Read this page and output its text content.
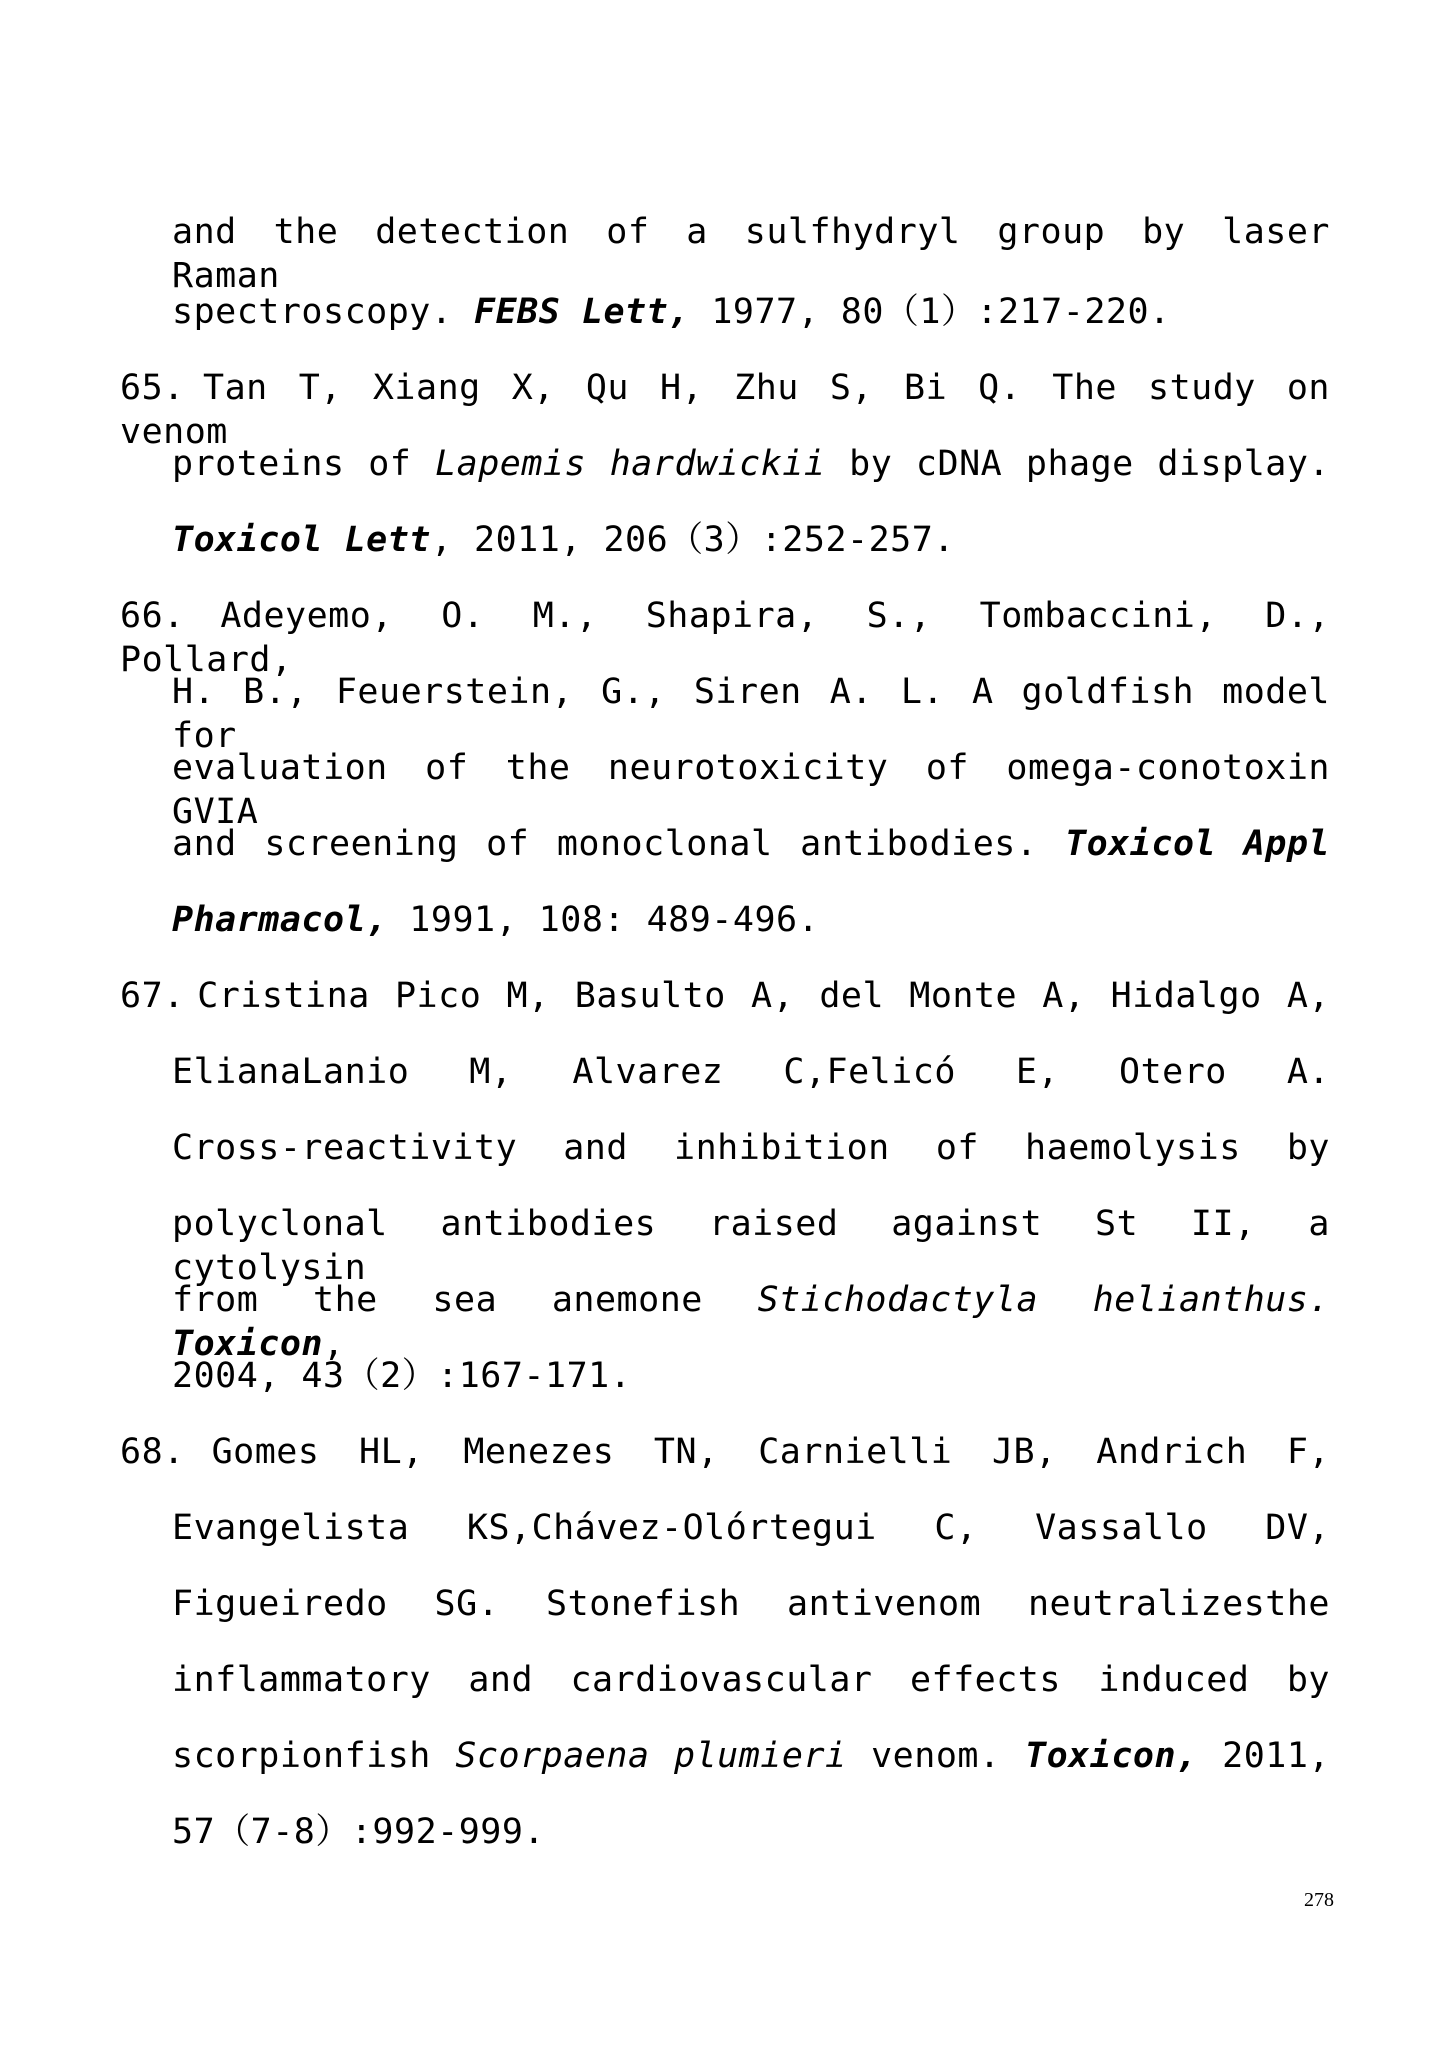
and the detection of a sulfhydryl group by laser Raman
spectroscopy. FEBS Lett, 1977, 80（1）:217-220.
65. Tan T, Xiang X, Qu H, Zhu S, Bi Q. The study on venom
proteins of Lapemis hardwickii by cDNA phage display.
Toxicol Lett, 2011, 206（3）:252-257.
66. Adeyemo, O. M., Shapira, S., Tombaccini, D., Pollard,
H. B., Feuerstein, G., Siren A. L. A goldfish model for
evaluation of the neurotoxicity of omega-conotoxin GVIA
and screening of monoclonal antibodies. Toxicol Appl
Pharmacol, 1991, 108: 489-496.
67. Cristina Pico M, Basulto A, del Monte A, Hidalgo A,
ElianaLanio M, Alvarez C,Felicó E, Otero A.
Cross-reactivity and inhibition of haemolysis by
polyclonal antibodies raised against St II, a cytolysin
from the sea anemone Stichodactyla helianthus. Toxicon,
2004, 43（2）:167-171.
68. Gomes HL, Menezes TN, Carnielli JB, Andrich F,
Evangelista KS,Chávez-Olórtegui C, Vassallo DV,
Figueiredo SG. Stonefish antivenom neutralizesthe
inflammatory and cardiovascular effects induced by
scorpionfish Scorpaena plumieri venom. Toxicon, 2011,
57（7-8）:992-999.
278
